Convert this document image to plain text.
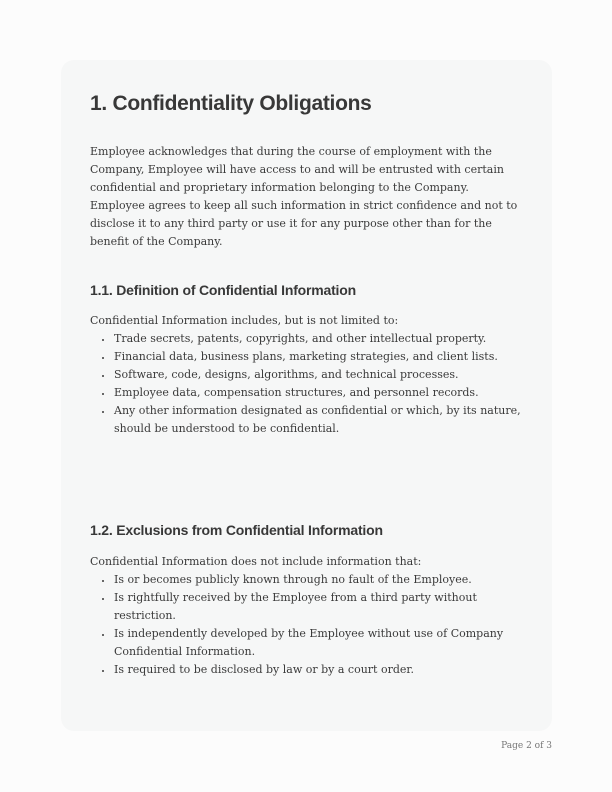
1. Confidentiality Obligations

Employee acknowledges that during the course of employment with the Company, Employee will have access to and will be entrusted with certain confidential and proprietary information belonging to the Company. Employee agrees to keep all such information in strict confidence and not to disclose it to any third party or use it for any purpose other than for the benefit of the Company.

1.1. Definition of Confidential Information

Confidential Information includes, but is not limited to:

• Trade secrets, patents, copyrights, and other intellectual property.
• Financial data, business plans, marketing strategies, and client lists.
• Software, code, designs, algorithms, and technical processes.
• Employee data, compensation structures, and personnel records.
• Any other information designated as confidential or which, by its nature, should be understood to be confidential.
1.2. Exclusions from Confidential Information

Confidential Information does not include information that:

• Is or becomes publicly known through no fault of the Employee.
• Is rightfully received by the Employee from a third party without restriction.
• Is independently developed by the Employee without use of Company Confidential Information.
• Is required to be disclosed by law or by a court order.
Page 2 of 3
